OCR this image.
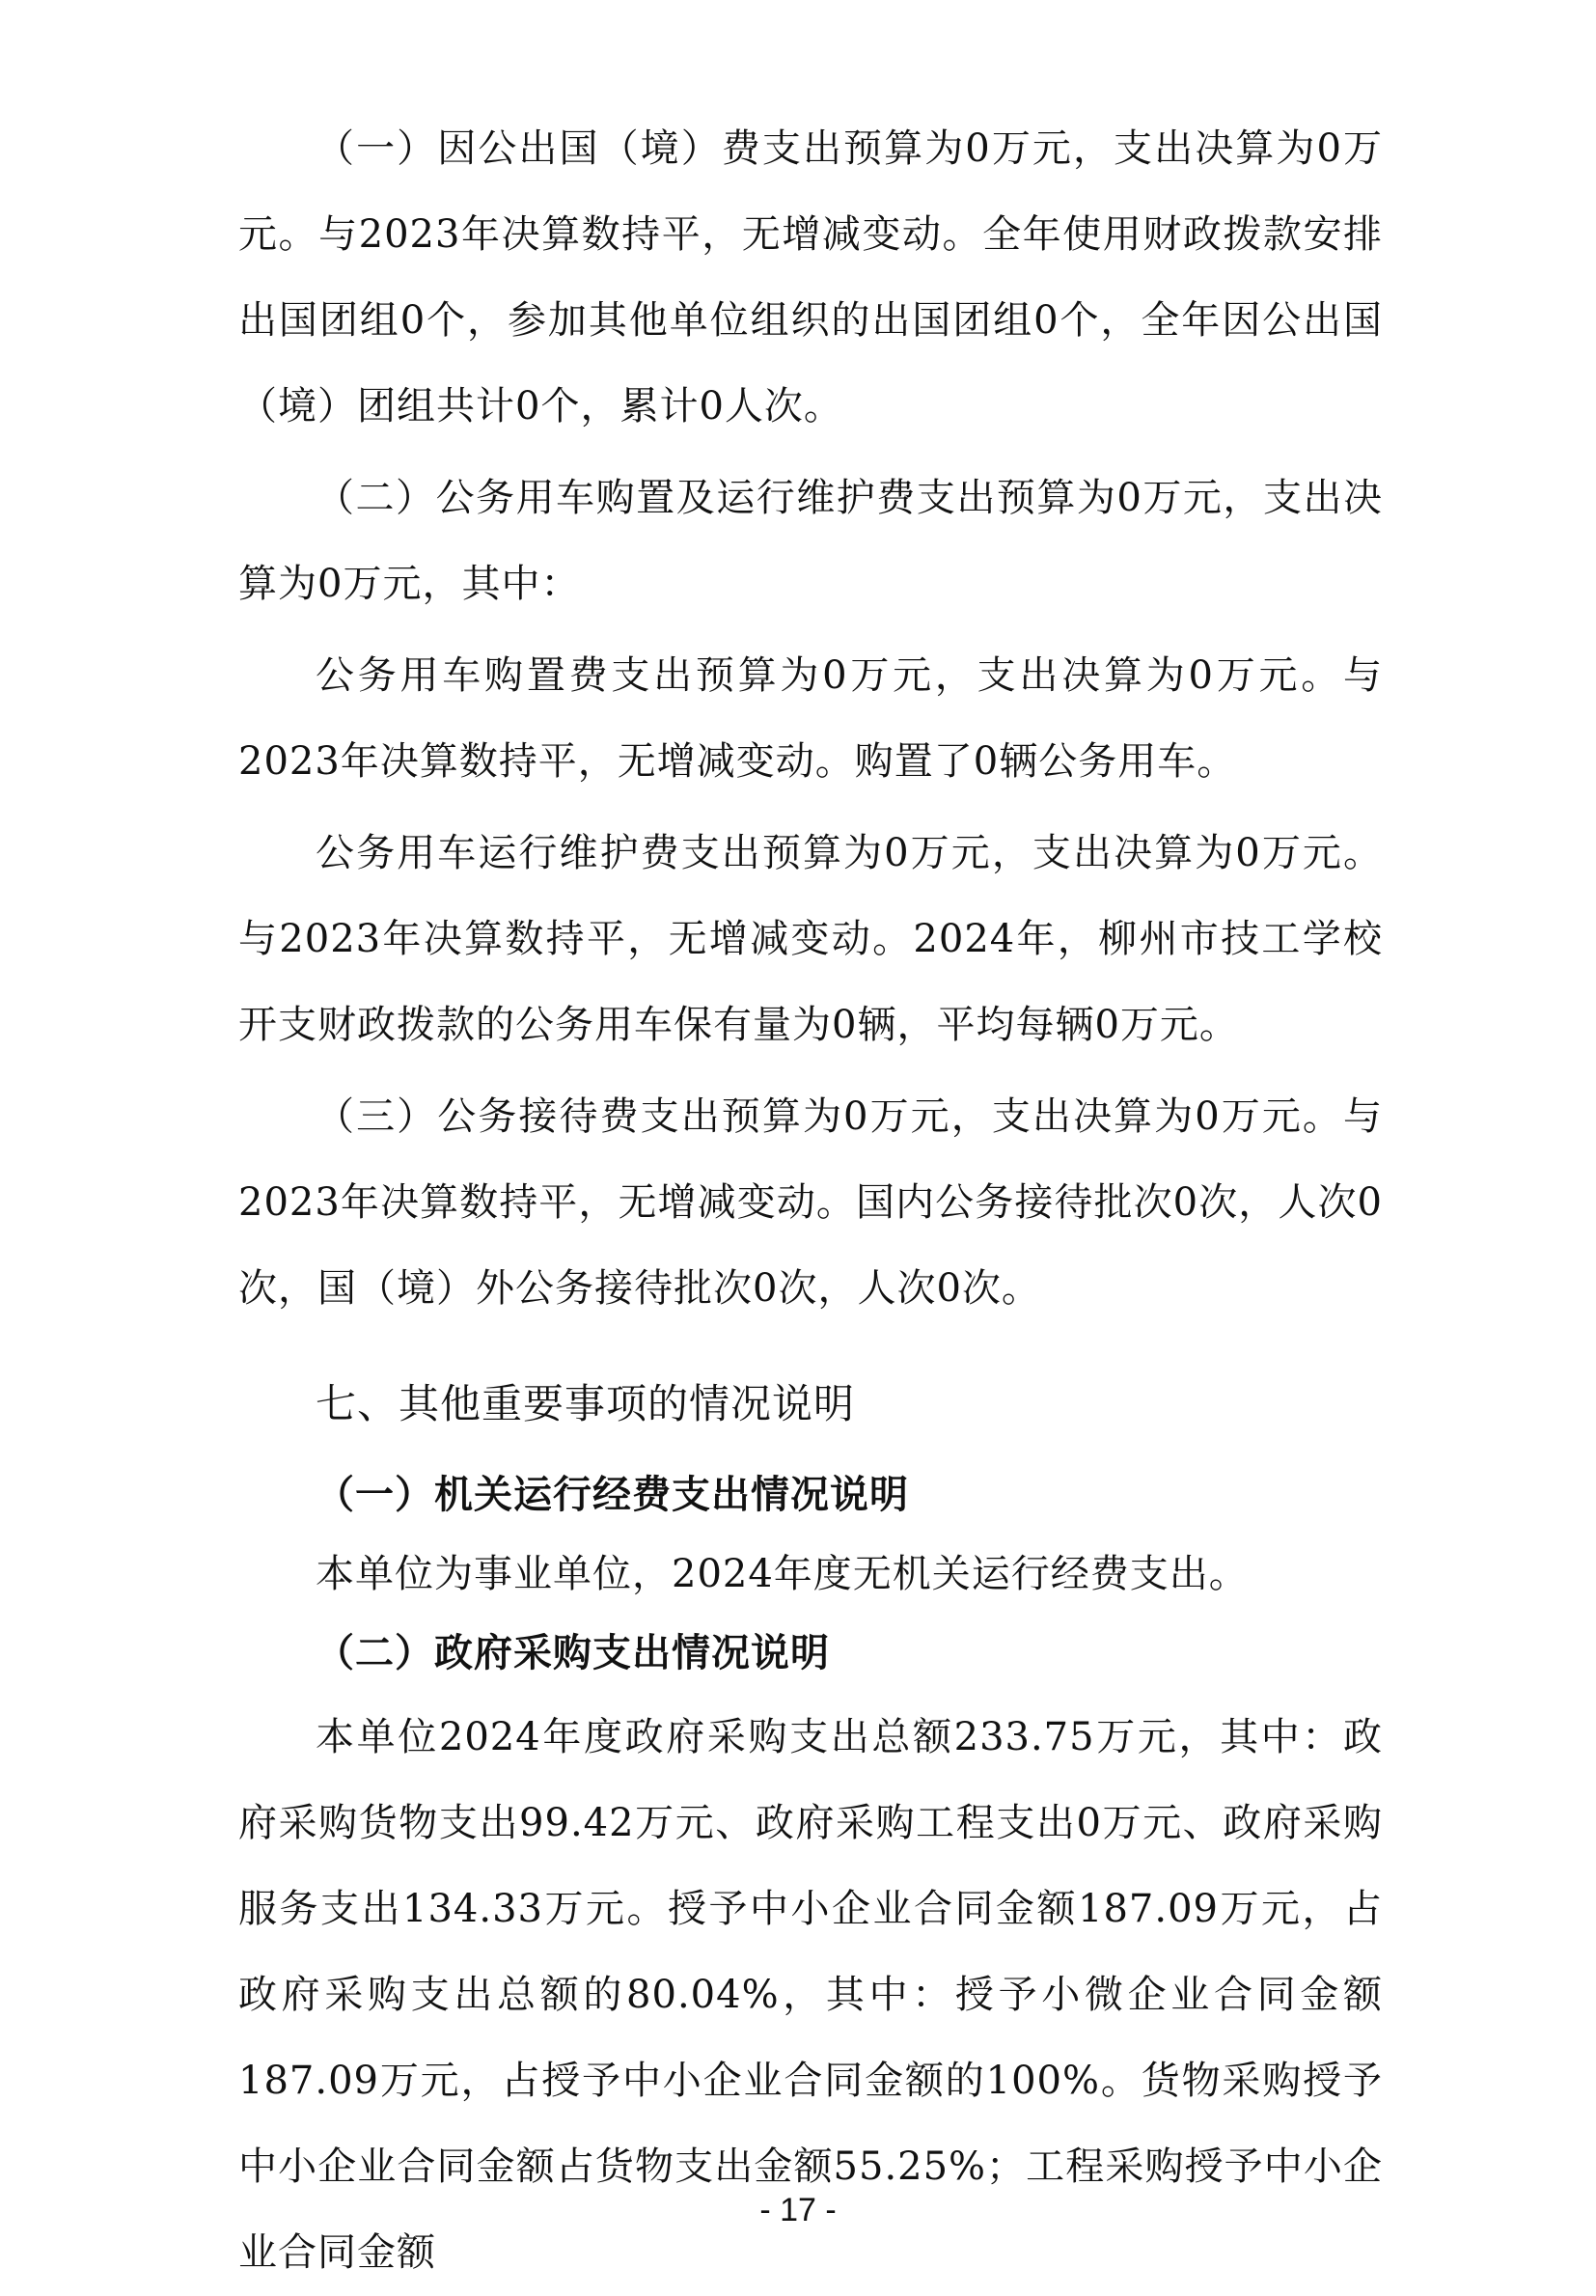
（一）因公出国（境）费支出预算为0万元，支出决算为0万元。与2023年决算数持平，无增减变动。全年使用财政拨款安排出国团组0个，参加其他单位组织的出国团组0个，全年因公出国（境）团组共计0个，累计0人次。

（二）公务用车购置及运行维护费支出预算为0万元，支出决算为0万元，其中：

公务用车购置费支出预算为0万元，支出决算为0万元。与2023年决算数持平，无增减变动。购置了0辆公务用车。

公务用车运行维护费支出预算为0万元，支出决算为0万元。与2023年决算数持平，无增减变动。2024年，柳州市技工学校开支财政拨款的公务用车保有量为0辆，平均每辆0万元。

（三）公务接待费支出预算为0万元，支出决算为0万元。与2023年决算数持平，无增减变动。国内公务接待批次0次，人次0次，国（境）外公务接待批次0次，人次0次。

七、其他重要事项的情况说明
（一）机关运行经费支出情况说明

本单位为事业单位，2024年度无机关运行经费支出。

（二）政府采购支出情况说明

本单位2024年度政府采购支出总额233.75万元，其中：政府采购货物支出99.42万元、政府采购工程支出0万元、政府采购服务支出134.33万元。授予中小企业合同金额187.09万元，占政府采购支出总额的80.04%，其中：授予小微企业合同金额187.09万元，占授予中小企业合同金额的100%。货物采购授予中小企业合同金额占货物支出金额55.25%；工程采购授予中小企业合同金额

- 17 -
